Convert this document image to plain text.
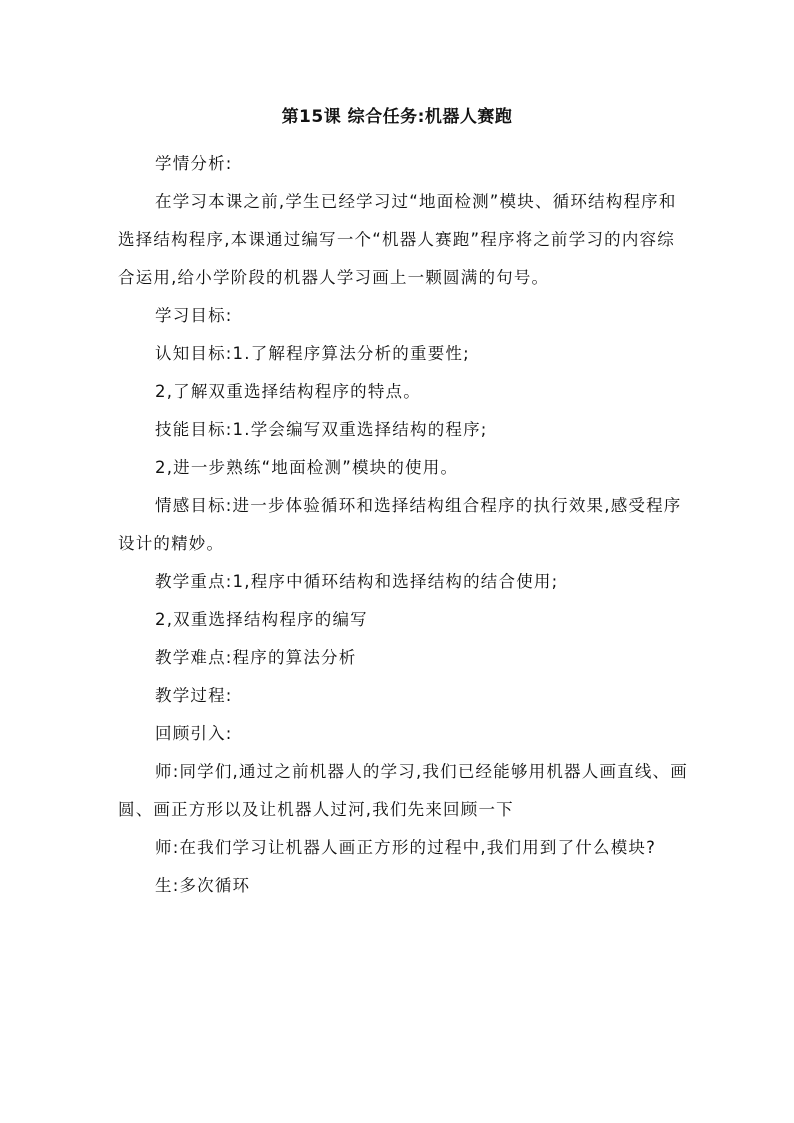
第15课 综合任务:机器人赛跑

学情分析:

在学习本课之前,学生已经学习过“地面检测”模块、循环结构程序和选择结构程序,本课通过编写一个“机器人赛跑”程序将之前学习的内容综合运用,给小学阶段的机器人学习画上一颗圆满的句号。

学习目标:

认知目标:1.了解程序算法分析的重要性;

2,了解双重选择结构程序的特点。

技能目标:1.学会编写双重选择结构的程序;

2,进一步熟练“地面检测”模块的使用。

情感目标:进一步体验循环和选择结构组合程序的执行效果,感受程序设计的精妙。

教学重点:1,程序中循环结构和选择结构的结合使用;

2,双重选择结构程序的编写

教学难点:程序的算法分析

教学过程:

回顾引入:

师:同学们,通过之前机器人的学习,我们已经能够用机器人画直线、画圆、画正方形以及让机器人过河,我们先来回顾一下

师:在我们学习让机器人画正方形的过程中,我们用到了什么模块?

生:多次循环
